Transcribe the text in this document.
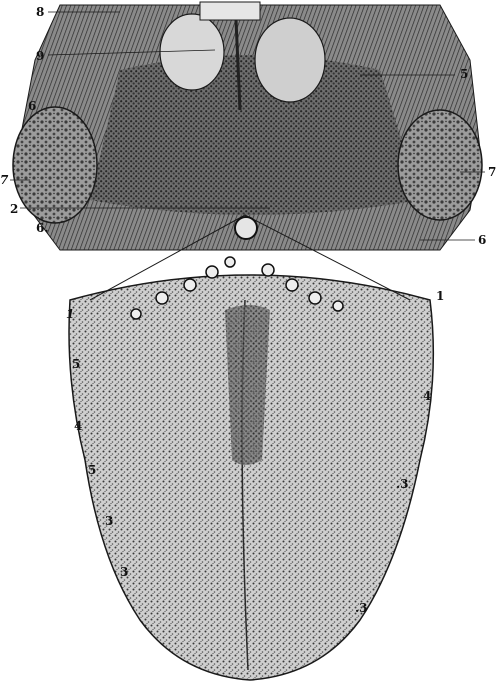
8
9
6
5
7
7
2
6.
6
1
1
5
4
4
5
.3
3
3
.3
